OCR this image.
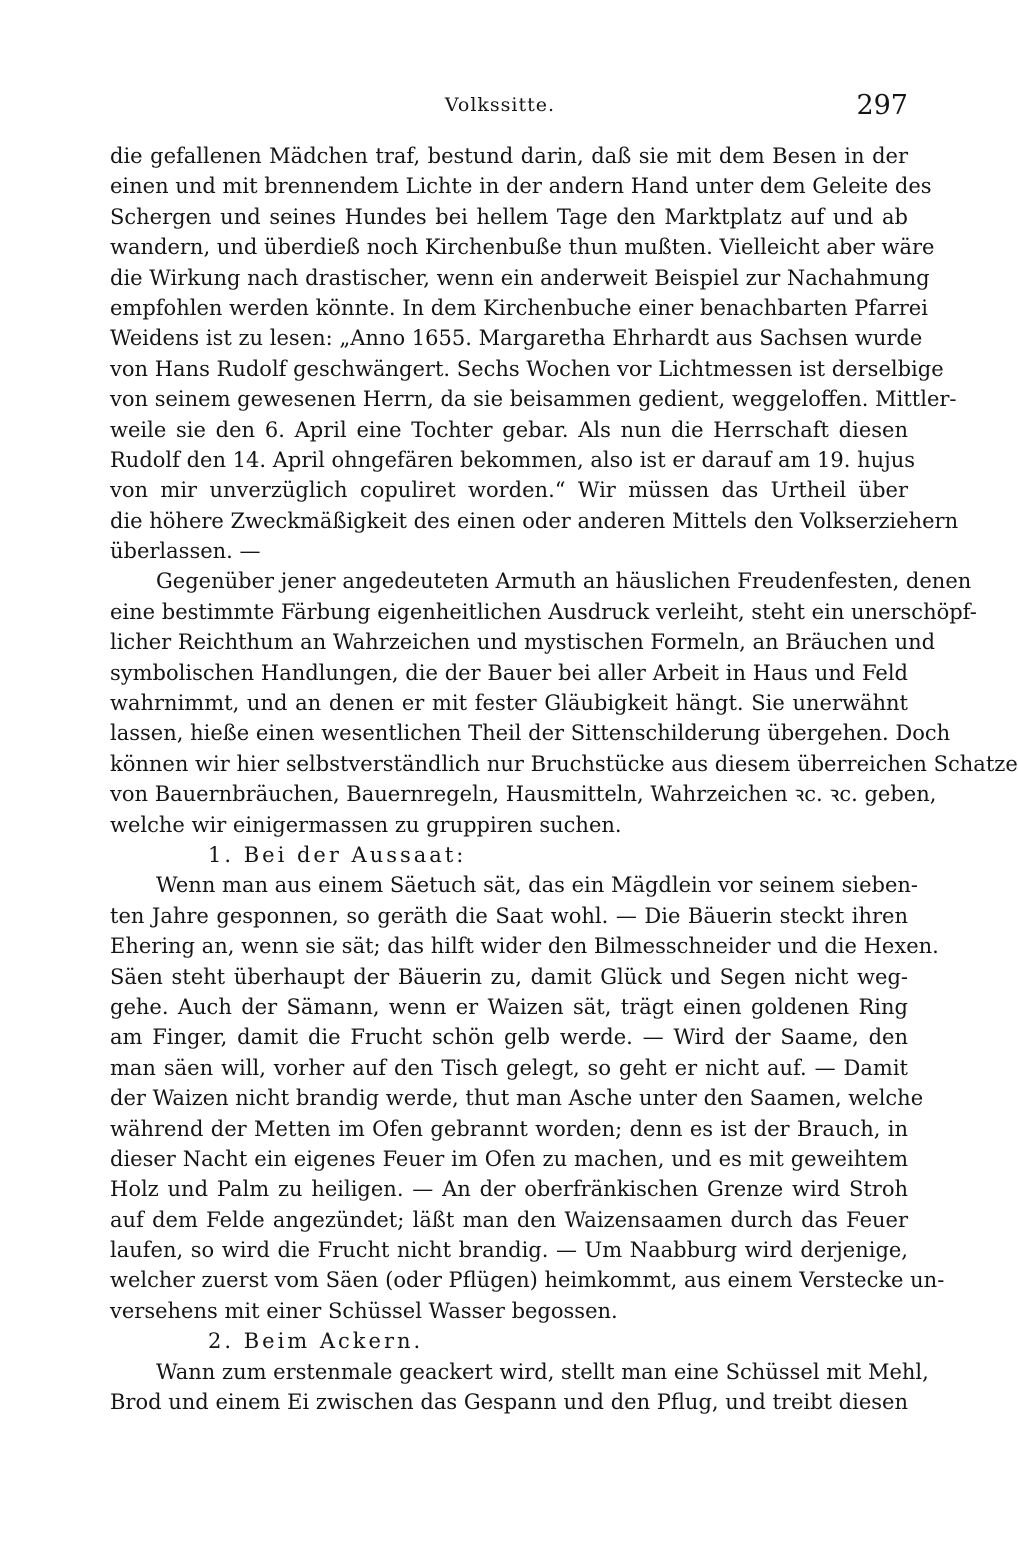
Volkssitte.	297
die gefallenen Mädchen traf, bestund darin, daß sie mit dem Besen in der
einen und mit brennendem Lichte in der andern Hand unter dem Geleite des
Schergen und seines Hundes bei hellem Tage den Marktplatz auf und ab
wandern, und überdieß noch Kirchenbuße thun mußten. Vielleicht aber wäre
die Wirkung nach drastischer, wenn ein anderweit Beispiel zur Nachahmung
empfohlen werden könnte. In dem Kirchenbuche einer benachbarten Pfarrei
Weidens ist zu lesen: „Anno 1655. Margaretha Ehrhardt aus Sachsen wurde
von Hans Rudolf geschwängert. Sechs Wochen vor Lichtmessen ist derselbige
von seinem gewesenen Herrn, da sie beisammen gedient, weggeloffen. Mittler-
weile sie den 6. April eine Tochter gebar. Als nun die Herrschaft diesen
Rudolf den 14. April ohngefären bekommen, also ist er darauf am 19. hujus
von mir unverzüglich copuliret worden.“ Wir müssen das Urtheil über
die höhere Zweckmäßigkeit des einen oder anderen Mittels den Volkserziehern
überlassen. —
Gegenüber jener angedeuteten Armuth an häuslichen Freudenfesten, denen
eine bestimmte Färbung eigenheitlichen Ausdruck verleiht, steht ein unerschöpf-
licher Reichthum an Wahrzeichen und mystischen Formeln, an Bräuchen und
symbolischen Handlungen, die der Bauer bei aller Arbeit in Haus und Feld
wahrnimmt, und an denen er mit fester Gläubigkeit hängt. Sie unerwähnt
lassen, hieße einen wesentlichen Theil der Sittenschilderung übergehen. Doch
können wir hier selbstverständlich nur Bruchstücke aus diesem überreichen Schatze
von Bauernbräuchen, Bauernregeln, Hausmitteln, Wahrzeichen ꝛc. ꝛc. geben,
welche wir einigermassen zu gruppiren suchen.
1. Bei der Aussaat:
Wenn man aus einem Säetuch sät, das ein Mägdlein vor seinem sieben-
ten Jahre gesponnen, so geräth die Saat wohl. — Die Bäuerin steckt ihren
Ehering an, wenn sie sät; das hilft wider den Bilmesschneider und die Hexen.
Säen steht überhaupt der Bäuerin zu, damit Glück und Segen nicht weg-
gehe. Auch der Sämann, wenn er Waizen sät, trägt einen goldenen Ring
am Finger, damit die Frucht schön gelb werde. — Wird der Saame, den
man säen will, vorher auf den Tisch gelegt, so geht er nicht auf. — Damit
der Waizen nicht brandig werde, thut man Asche unter den Saamen, welche
während der Metten im Ofen gebrannt worden; denn es ist der Brauch, in
dieser Nacht ein eigenes Feuer im Ofen zu machen, und es mit geweihtem
Holz und Palm zu heiligen. — An der oberfränkischen Grenze wird Stroh
auf dem Felde angezündet; läßt man den Waizensaamen durch das Feuer
laufen, so wird die Frucht nicht brandig. — Um Naabburg wird derjenige,
welcher zuerst vom Säen (oder Pflügen) heimkommt, aus einem Verstecke un-
versehens mit einer Schüssel Wasser begossen.
2. Beim Ackern.
Wann zum erstenmale geackert wird, stellt man eine Schüssel mit Mehl,
Brod und einem Ei zwischen das Gespann und den Pflug, und treibt diesen
